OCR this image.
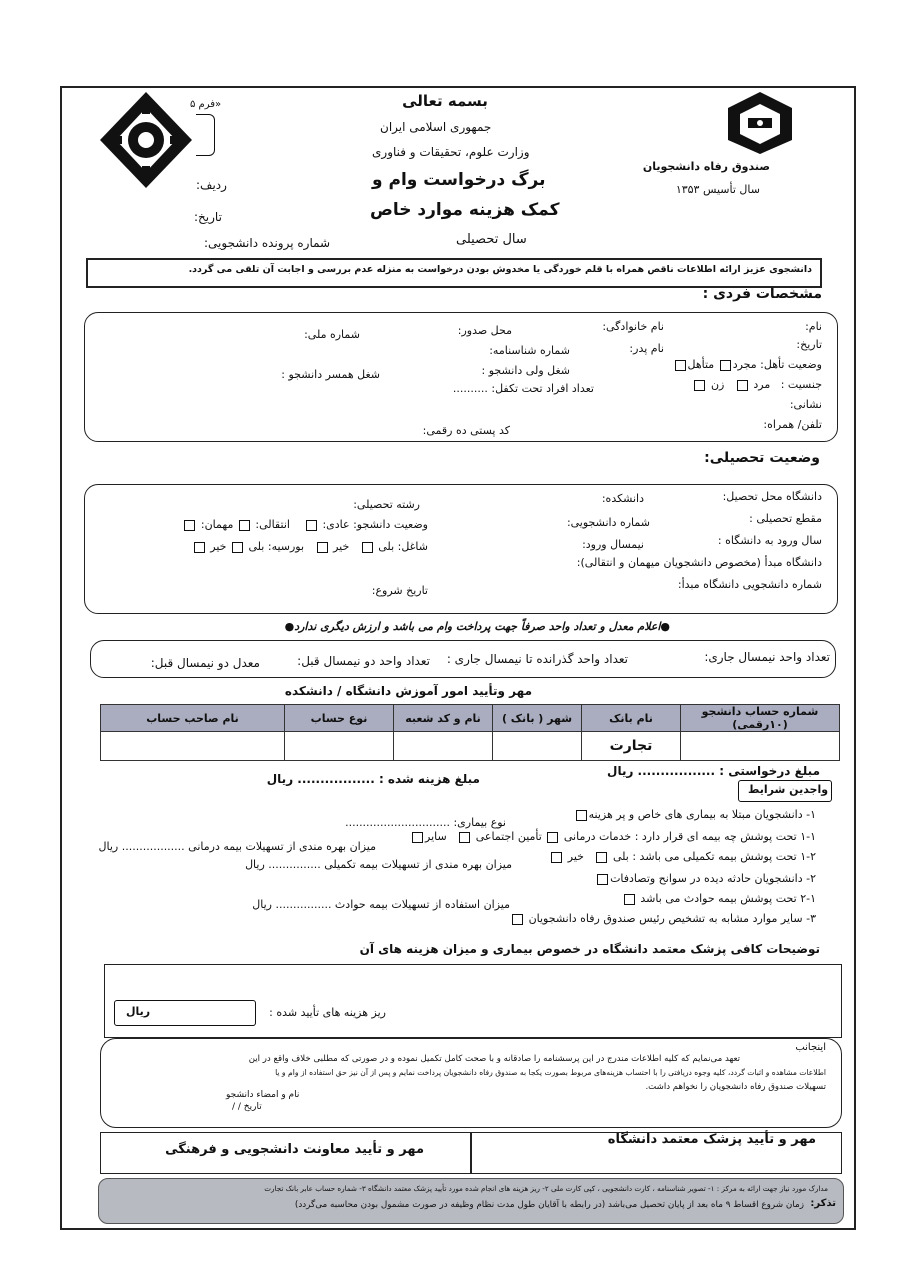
صندوق رفاه دانشجویان
سال تأسیس ۱۳۵۳
بسمه تعالی
جمهوری اسلامی ایران
وزارت علوم، تحقیقات و فناوری
برگ درخواست وام و
کمک هزینه موارد خاص
سال تحصیلی
«فرم ۵
ردیف:
تاریخ:
شماره پرونده دانشجویی:
دانشجوی عزیز ارائه اطلاعات ناقص همراه با قلم خوردگی یا مخدوش بودن درخواست به منزله عدم بررسی و اجابت آن تلقی می گردد.
مشخصات فردی :
نام:
نام خانوادگی:
محل صدور:
شماره ملی:
تاریخ:
نام پدر:
شماره شناسنامه:
وضعیت تأهل: مجرد متأهل
شغل ولی دانشجو :
شغل همسر دانشجو :
جنسیت :   مرد    زن
تعداد افراد تحت تکفل: ..........
نشانی:
تلفن/ همراه:
کد پستی ده رقمی:
وضعیت تحصیلی:
دانشگاه محل تحصیل:
دانشکده:
رشته تحصیلی:
مقطع تحصیلی :
شماره دانشجویی:
وضعیت دانشجو: عادی:     انتقالی:  مهمان:
سال ورود به دانشگاه :
نیمسال ورود:
شاغل: بلی    خیر    بورسیه: بلی  خیر
دانشگاه مبدأ (مخصوص دانشجویان میهمان و انتقالی):
شماره دانشجویی دانشگاه مبدأ:
تاریخ شروع:
●اعلام معدل و تعداد واحد صرفاً جهت پرداخت وام می باشد و ارزش دیگری ندارد●
تعداد واحد نیمسال جاری:
تعداد واحد گذرانده تا نیمسال جاری :
تعداد واحد دو نیمسال قبل:
معدل دو نیمسال قبل:
مهر وتأیید امور آموزش دانشگاه / دانشکده
شماره حساب دانشجو (۱۰رقمی)	نام بانک	شهر ( بانک )	نام و کد شعبه	نوع حساب	نام صاحب حساب
	تجارت				
مبلغ درخواستی : ................. ریال
مبلغ هزینه شده : ................. ریال
واجدین شرایط
۱- دانشجویان مبتلا به بیماری های خاص و پر هزینه
نوع بیماری: ..............................
۱-۱ تحت پوشش چه بیمه ای قرار دارد : خدمات درمانی  تأمین اجتماعی    سایر
میزان بهره مندی از تسهیلات بیمه درمانی .................. ریال
۱-۲ تحت پوشش بیمه تکمیلی می باشد : بلی    خیر
میزان بهره مندی از تسهیلات بیمه تکمیلی ............... ریال
۲- دانشجویان حادثه دیده در سوانح وتصادفات
۲-۱ تحت پوشش بیمه حوادث می باشد
میزان استفاده از تسهیلات بیمه حوادث ................ ریال
۳- سایر موارد مشابه به تشخیص رئیس صندوق رفاه دانشجویان
توضیحات کافی پزشک معتمد دانشگاه در خصوص بیماری و میزان هزینه های آن
ریز هزینه های تأیید شده :
ریال
اینجانب
تعهد می‌نمایم که کلیه اطلاعات مندرج در این پرسشنامه را صادقانه و با صحت کامل تکمیل نموده و در صورتی که مطلبی خلاف واقع در این
اطلاعات مشاهده و اثبات گردد، کلیه وجوه دریافتی را با احتساب هزینه‌های مربوط بصورت یکجا به صندوق رفاه دانشجویان پرداخت نمایم و پس از آن نیز حق استفاده از وام و یا
تسهیلات صندوق رفاه دانشجویان را نخواهم داشت.
نام و امضاء دانشجو
تاریخ / /
مهر و تأیید پزشک معتمد دانشگاه
مهر و تأیید معاونت دانشجویی و فرهنگی
مدارک مورد نیاز جهت ارائه به مرکز : ۱- تصویر شناسنامه ، کارت دانشجویی ، کپی کارت ملی ۲- ریز هزینه های انجام شده مورد تأیید پزشک معتمد دانشگاه ۳- شماره حساب عابر بانک تجارت
تذکر:
زمان شروع اقساط ۹ ماه بعد از پایان تحصیل می‌باشد (در رابطه با آقایان طول مدت نظام وظیفه در صورت مشمول بودن محاسبه می‌گردد)
